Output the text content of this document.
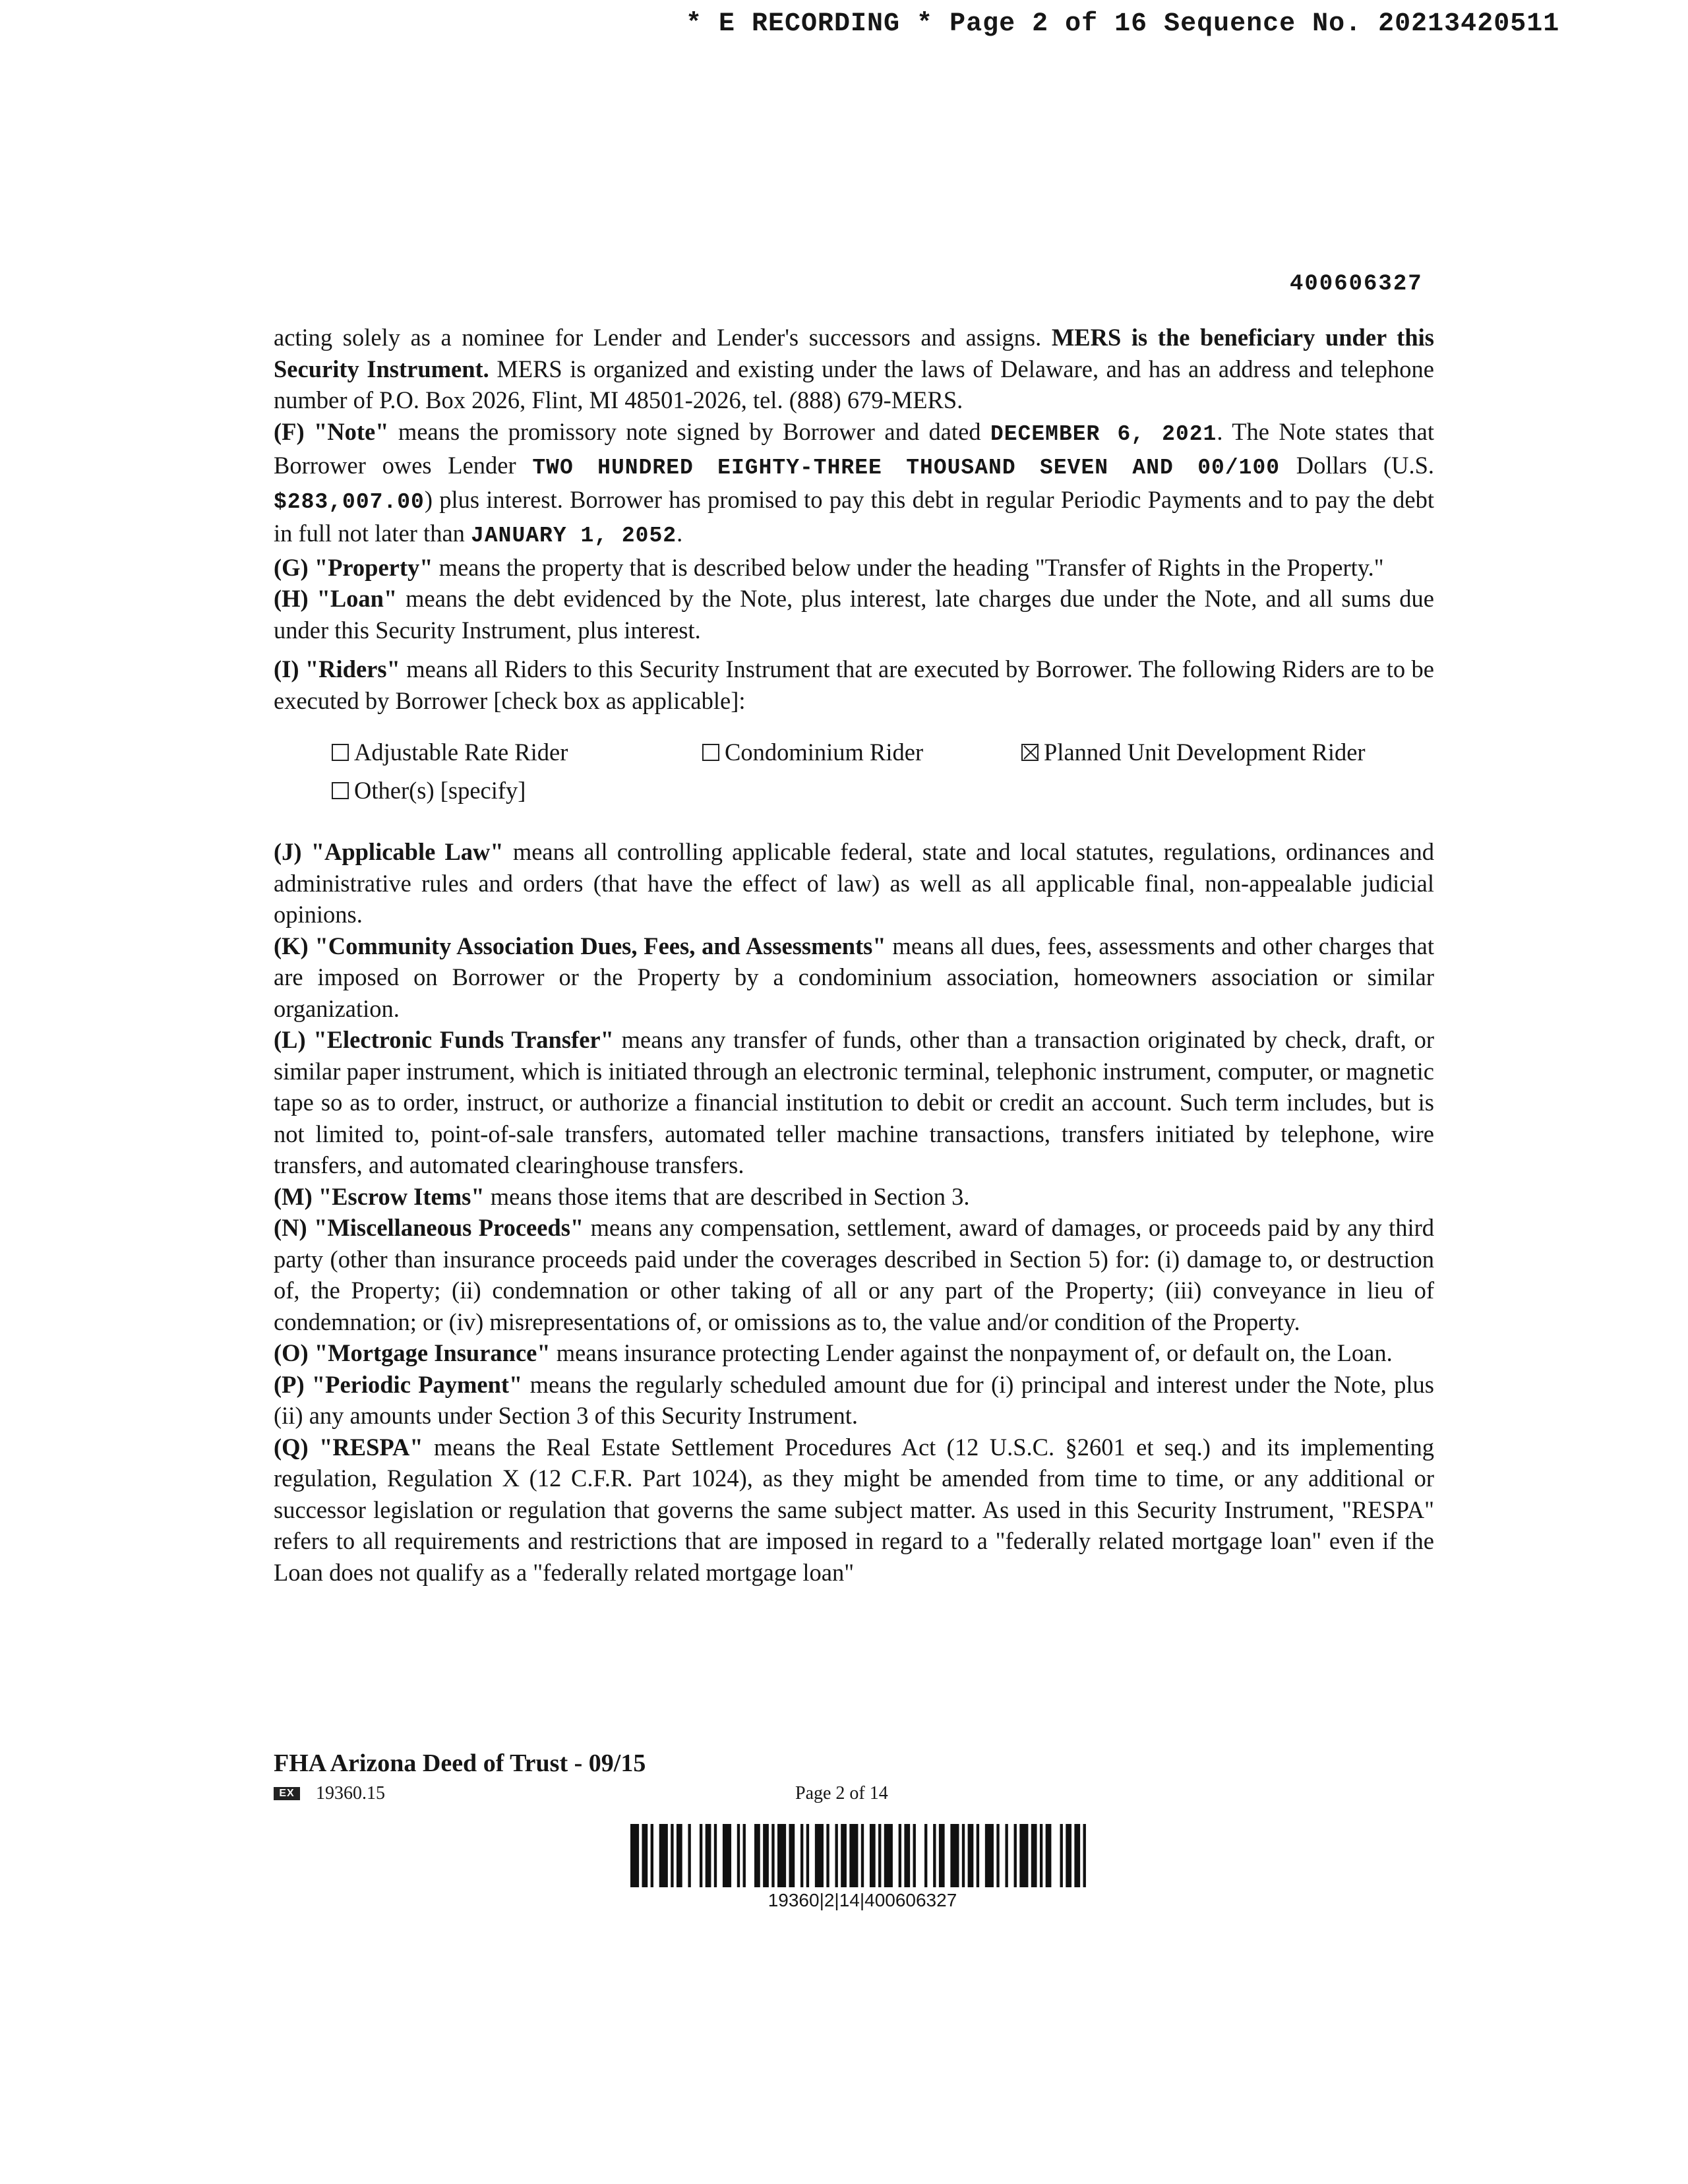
* E RECORDING * Page 2 of 16 Sequence No. 20213420511
400606327

acting solely as a nominee for Lender and Lender's successors and assigns. MERS is the beneficiary under this Security Instrument. MERS is organized and existing under the laws of Delaware, and has an address and telephone number of P.O. Box 2026, Flint, MI 48501-2026, tel. (888) 679-MERS.

(F) "Note" means the promissory note signed by Borrower and dated DECEMBER 6, 2021. The Note states that Borrower owes Lender TWO HUNDRED EIGHTY-THREE THOUSAND SEVEN AND 00/100 Dollars (U.S. $283,007.00) plus interest. Borrower has promised to pay this debt in regular Periodic Payments and to pay the debt in full not later than JANUARY 1, 2052.

(G) "Property" means the property that is described below under the heading "Transfer of Rights in the Property."

(H) "Loan" means the debt evidenced by the Note, plus interest, late charges due under the Note, and all sums due under this Security Instrument, plus interest.

(I) "Riders" means all Riders to this Security Instrument that are executed by Borrower. The following Riders are to be executed by Borrower [check box as applicable]:

Adjustable Rate Rider	Condominium Rider	Planned Unit Development Rider
Other(s) [specify]

(J) "Applicable Law" means all controlling applicable federal, state and local statutes, regulations, ordinances and administrative rules and orders (that have the effect of law) as well as all applicable final, non-appealable judicial opinions.

(K) "Community Association Dues, Fees, and Assessments" means all dues, fees, assessments and other charges that are imposed on Borrower or the Property by a condominium association, homeowners association or similar organization.

(L) "Electronic Funds Transfer" means any transfer of funds, other than a transaction originated by check, draft, or similar paper instrument, which is initiated through an electronic terminal, telephonic instrument, computer, or magnetic tape so as to order, instruct, or authorize a financial institution to debit or credit an account. Such term includes, but is not limited to, point-of-sale transfers, automated teller machine transactions, transfers initiated by telephone, wire transfers, and automated clearinghouse transfers.

(M) "Escrow Items" means those items that are described in Section 3.

(N) "Miscellaneous Proceeds" means any compensation, settlement, award of damages, or proceeds paid by any third party (other than insurance proceeds paid under the coverages described in Section 5) for: (i) damage to, or destruction of, the Property; (ii) condemnation or other taking of all or any part of the Property; (iii) conveyance in lieu of condemnation; or (iv) misrepresentations of, or omissions as to, the value and/or condition of the Property.

(O) "Mortgage Insurance" means insurance protecting Lender against the nonpayment of, or default on, the Loan.

(P) "Periodic Payment" means the regularly scheduled amount due for (i) principal and interest under the Note, plus (ii) any amounts under Section 3 of this Security Instrument.

(Q) "RESPA" means the Real Estate Settlement Procedures Act (12 U.S.C. §2601 et seq.) and its implementing regulation, Regulation X (12 C.F.R. Part 1024), as they might be amended from time to time, or any additional or successor legislation or regulation that governs the same subject matter. As used in this Security Instrument, "RESPA" refers to all requirements and restrictions that are imposed in regard to a "federally related mortgage loan" even if the Loan does not qualify as a "federally related mortgage loan"

FHA Arizona Deed of Trust - 09/15
EX 19360.15	Page 2 of 14
19360|2|14|400606327
